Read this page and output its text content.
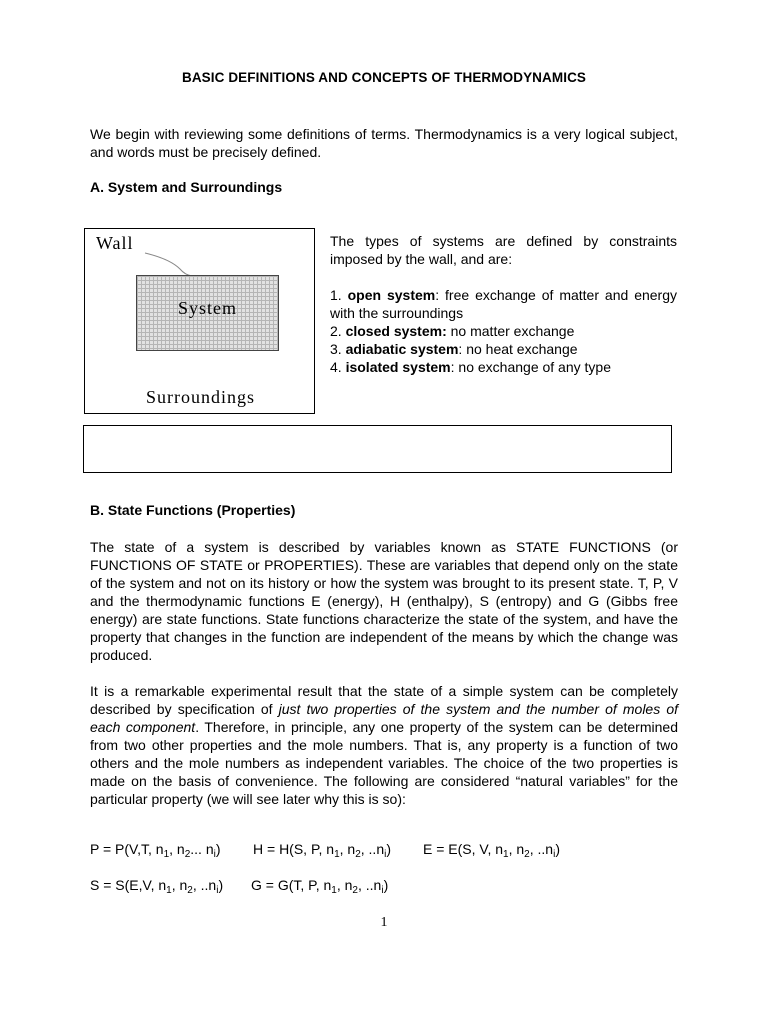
BASIC DEFINITIONS AND CONCEPTS OF THERMODYNAMICS
We begin with reviewing some definitions of terms. Thermodynamics is a very logical subject, and words must be precisely defined.
A. System and Surroundings
Wall
System
Surroundings
The types of systems are defined by constraints imposed by the wall, and are:
1. open system: free exchange of matter and energy with the surroundings
2. closed system: no matter exchange
3. adiabatic system: no heat exchange
4. isolated system: no exchange of any type
B. State Functions (Properties)
The state of a system is described by variables known as STATE FUNCTIONS (or FUNCTIONS OF STATE or PROPERTIES). These are variables that depend only on the state of the system and not on its history or how the system was brought to its present state. T, P, V and the thermodynamic functions E (energy), H (enthalpy), S (entropy) and G (Gibbs free energy) are state functions. State functions characterize the state of the system, and have the property that changes in the function are independent of the means by which the change was produced.
It is a remarkable experimental result that the state of a simple system can be completely described by specification of just two properties of the system and the number of moles of each component. Therefore, in principle, any one property of the system can be determined from two other properties and the mole numbers. That is, any property is a function of two others and the mole numbers as independent variables. The choice of the two properties is made on the basis of convenience. The following are considered “natural variables” for the particular property (we will see later why this is so):
P = P(V,T, $n_1$, $n_2$... $n_i$) H = H(S, P, $n_1$, $n_2$, $..n_i$) E = E(S, V, $n_1$, $n_2$, $..n_i$)
S = S(E,V, $n_1$, $n_2$, $..n_i$) G = G(T, P, $n_1$, $n_2$, $..n_i$)
1
